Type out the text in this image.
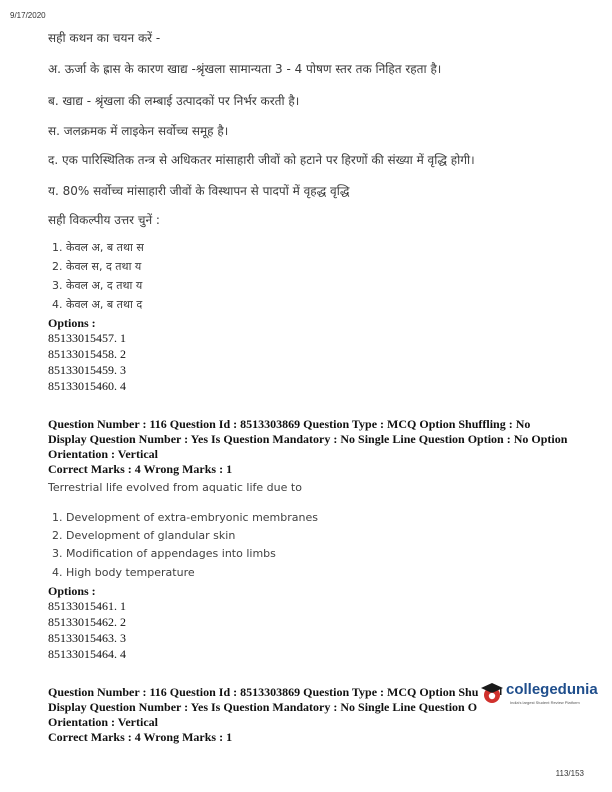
9/17/2020
सही कथन का चयन करें -
अ. ऊर्जा के ह्रास के कारण खाद्य -श्रृंखला सामान्यता 3 - 4 पोषण स्तर तक निहित रहता है।
ब. खाद्य - श्रृंखला की लम्बाई उत्पादकों पर निर्भर करती है।
स. जलक्रमक में लाइकेन सर्वोच्च समूह है।
द. एक पारिस्थितिक तन्त्र से अधिकतर मांसाहारी जीवों को हटाने पर हिरणों की संख्या में वृद्धि होगी।
य. 80% सर्वोच्च मांसाहारी जीवों के विस्थापन से पादपों में वृहद्ध वृद्धि
सही विकल्पीय उत्तर चुनें :
1. केवल अ, ब तथा स
2. केवल स, द तथा य
3. केवल अ, द तथा य
4. केवल अ, ब तथा द
Options :
85133015457. 1
85133015458. 2
85133015459. 3
85133015460. 4
Question Number : 116 Question Id : 8513303869 Question Type : MCQ Option Shuffling : No
Display Question Number : Yes Is Question Mandatory : No Single Line Question Option : No Option
Orientation : Vertical
Correct Marks : 4 Wrong Marks : 1
Terrestrial life evolved from aquatic life due to
1. Development of extra-embryonic membranes
2. Development of glandular skin
3. Modification of appendages into limbs
4. High body temperature
Options :
85133015461. 1
85133015462. 2
85133015463. 3
85133015464. 4
Question Number : 116 Question Id : 8513303869 Question Type : MCQ Option Shu
Display Question Number : Yes Is Question Mandatory : No Single Line Question O
Orientation : Vertical
Correct Marks : 4 Wrong Marks : 1
collegedunia
India's largest Student Review Platform
113/153
